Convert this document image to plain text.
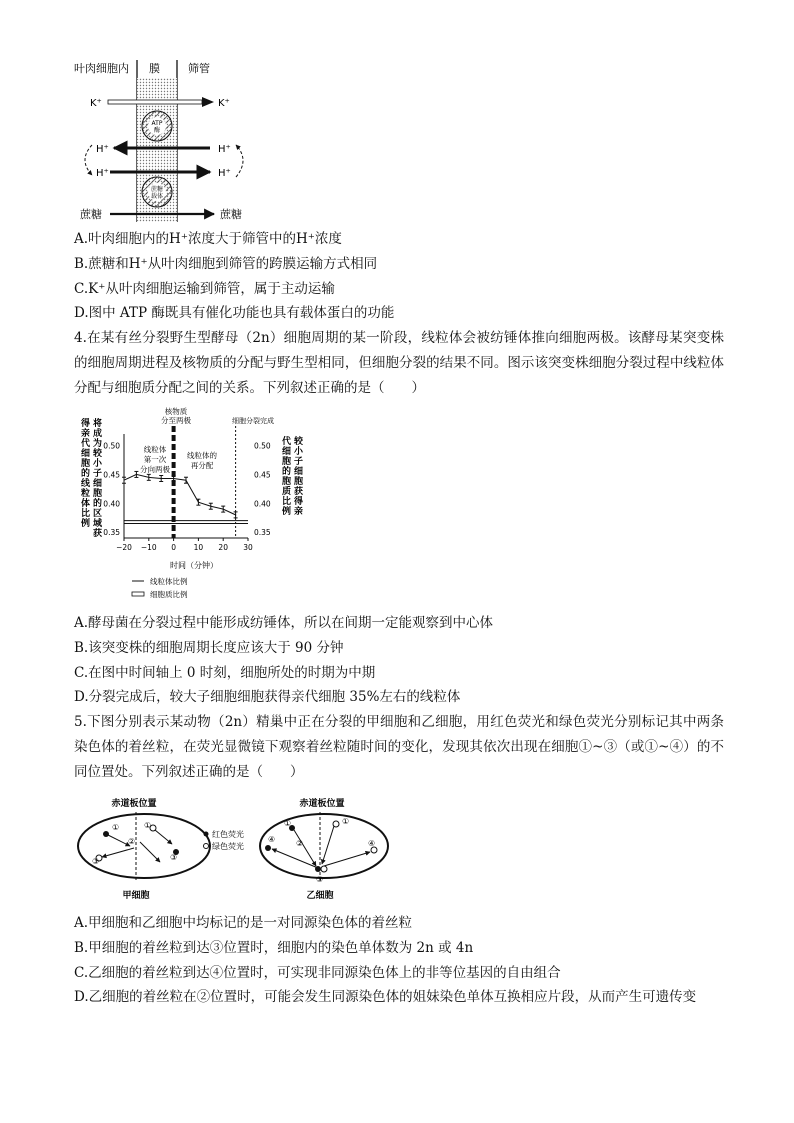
叶肉细胞内 膜	筛管
K⁺	K⁺
ATP
酶
H⁺	H⁺
H⁺	H⁺
蔗糖
载体
蔗糖	蔗糖
A.叶肉细胞内的H⁺浓度大于筛管中的H⁺浓度
B.蔗糖和H⁺从叶肉细胞到筛管的跨膜运输方式相同
C.K⁺从叶肉细胞运输到筛管，属于主动运输
D.图中 ATP 酶既具有催化功能也具有载体蛋白的功能
4.在某有丝分裂野生型酵母（2n）细胞周期的某一阶段，线粒体会被纺锤体推向细胞两极。该酵母某突变株的细胞周期进程及核物质的分配与野生型相同，但细胞分裂的结果不同。图示该突变株细胞分裂过程中线粒体分配与细胞质分配之间的关系。下列叙述正确的是（　　）
得亲代细胞的线粒体比例
将成为较小子细胞的区域获
代细胞的胞质比例
较小子细胞获得亲
0.35	0.35
0.40	0.40
0.45	0.45
0.50	0.50
−20 −10 0 10 20 30
核物质
分至两极	细胞分裂完成
线粒体
第一次
分向两极
线粒体的
再分配
时间（分钟）
线粒体比例
细胞质比例
A.酵母菌在分裂过程中能形成纺锤体，所以在间期一定能观察到中心体
B.该突变株的细胞周期长度应该大于 90 分钟
C.在图中时间轴上 0 时刻，细胞所处的时期为中期
D.分裂完成后，较大子细胞细胞获得亲代细胞 35%左右的线粒体
5.下图分别表示某动物（2n）精巢中正在分裂的甲细胞和乙细胞，用红色荧光和绿色荧光分别标记其中两条染色体的着丝粒，在荧光显微镜下观察着丝粒随时间的变化，发现其依次出现在细胞①~③（或①~④）的不同位置处。下列叙述正确的是（　　）
赤道板位置
甲细胞
①	①
②
③	③
红色荧光
绿色荧光
赤道板位置
乙细胞
①	①
②
③
④	④
A.甲细胞和乙细胞中均标记的是一对同源染色体的着丝粒
B.甲细胞的着丝粒到达③位置时，细胞内的染色单体数为 2n 或 4n
C.乙细胞的着丝粒到达④位置时，可实现非同源染色体上的非等位基因的自由组合
D.乙细胞的着丝粒在②位置时，可能会发生同源染色体的姐妹染色单体互换相应片段，从而产生可遗传变
